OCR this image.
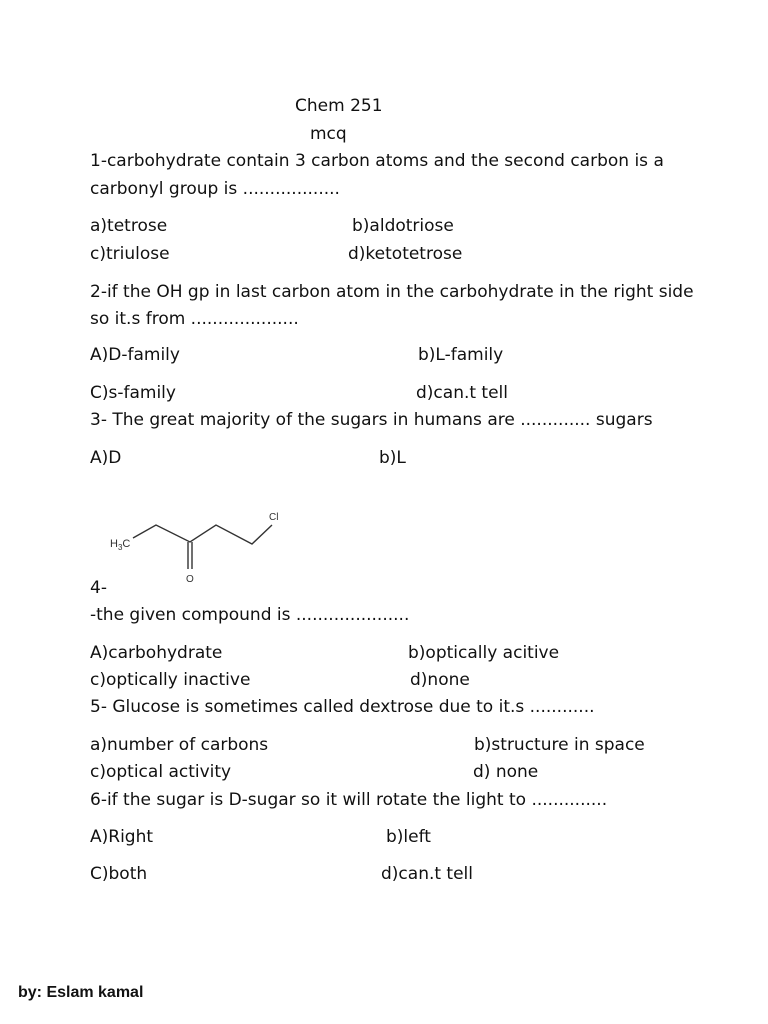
Chem 251
mcq
1-carbohydrate contain 3 carbon atoms and the second carbon is a
carbonyl group is ..................
a)tetrose	b)aldotriose
c)triulose	d)ketotetrose
2-if the OH gp in last carbon atom in the carbohydrate in the right side
so it.s from ....................
A)D-family	b)L-family
C)s-family	d)can.t tell
3- The great majority of the sugars in humans are ............. sugars
A)D	b)L
$H_3C$
Cl
O
4-
-the given compound is .....................
A)carbohydrate	b)optically acitive
c)optically inactive	d)none
5- Glucose is sometimes called dextrose due to it.s ............
a)number of carbons	b)structure in space
c)optical activity	d) none
6-if the sugar is D-sugar so it will rotate the light to ..............
A)Right	b)left
C)both	d)can.t tell
by: Eslam kamal
